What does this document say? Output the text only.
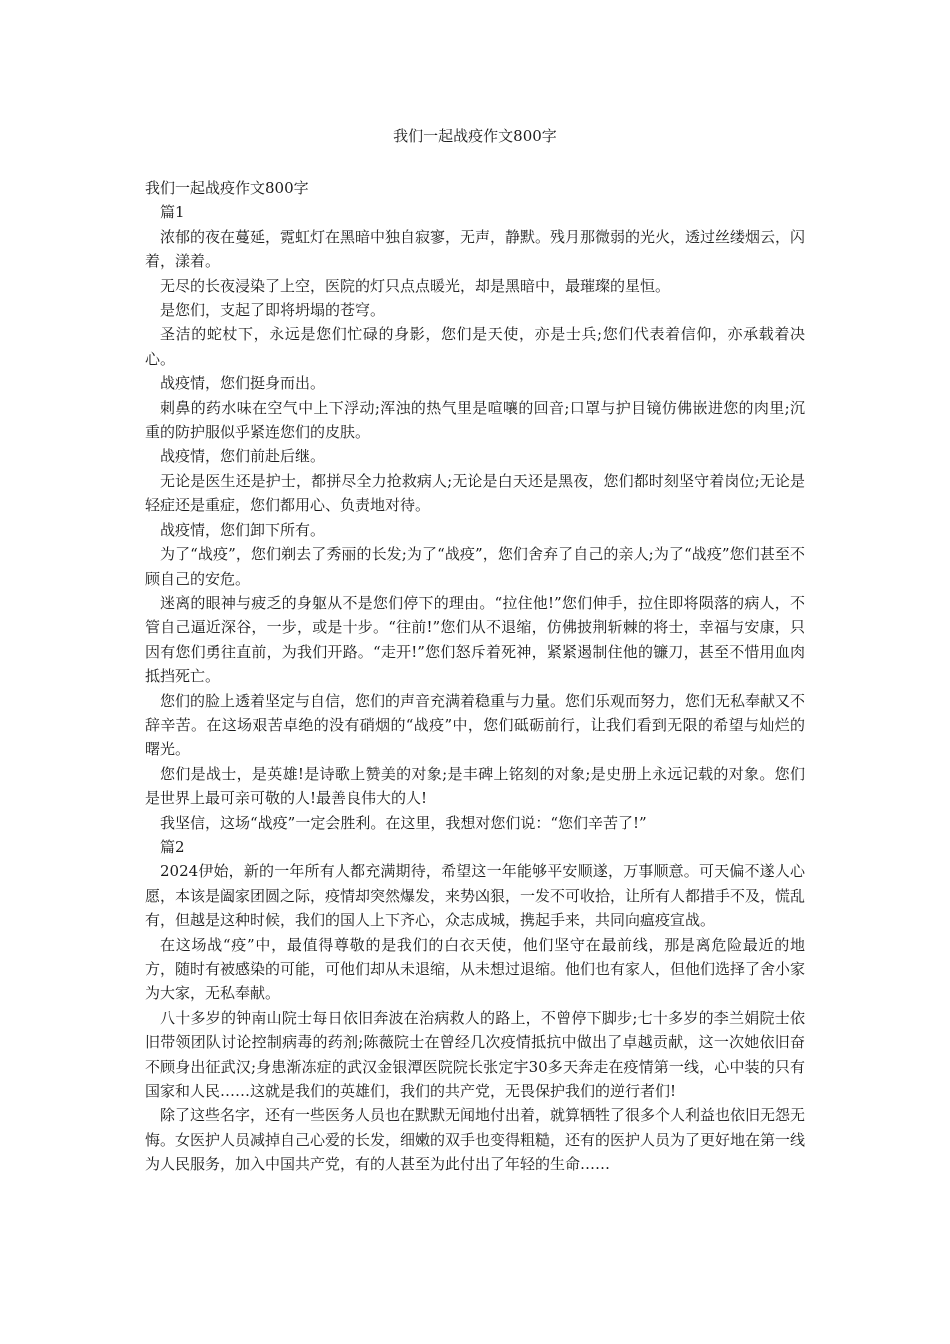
我们一起战疫作文800字

我们一起战疫作文800字

篇1

浓郁的夜在蔓延，霓虹灯在黑暗中独自寂寥，无声，静默。残月那微弱的光火，透过丝缕烟云，闪着，漾着。

无尽的长夜浸染了上空，医院的灯只点点暖光，却是黑暗中，最璀璨的星恒。

是您们，支起了即将坍塌的苍穹。

圣洁的蛇杖下，永远是您们忙碌的身影，您们是天使，亦是士兵;您们代表着信仰，亦承载着决心。

战疫情，您们挺身而出。

刺鼻的药水味在空气中上下浮动;浑浊的热气里是喧嚷的回音;口罩与护目镜仿佛嵌进您的肉里;沉重的防护服似乎紧连您们的皮肤。

战疫情，您们前赴后继。

无论是医生还是护士，都拼尽全力抢救病人;无论是白天还是黑夜，您们都时刻坚守着岗位;无论是轻症还是重症，您们都用心、负责地对待。

战疫情，您们卸下所有。

为了“战疫”，您们剃去了秀丽的长发;为了“战疫”，您们舍弃了自己的亲人;为了“战疫”您们甚至不顾自己的安危。

迷离的眼神与疲乏的身躯从不是您们停下的理由。“拉住他!”您们伸手，拉住即将陨落的病人，不管自己逼近深谷，一步，或是十步。“往前!”您们从不退缩，仿佛披荆斩棘的将士，幸福与安康，只因有您们勇往直前，为我们开路。“走开!”您们怒斥着死神，紧紧遏制住他的镰刀，甚至不惜用血肉抵挡死亡。

您们的脸上透着坚定与自信，您们的声音充满着稳重与力量。您们乐观而努力，您们无私奉献又不辞辛苦。在这场艰苦卓绝的没有硝烟的“战疫”中，您们砥砺前行，让我们看到无限的希望与灿烂的曙光。

您们是战士，是英雄!是诗歌上赞美的对象;是丰碑上铭刻的对象;是史册上永远记载的对象。您们是世界上最可亲可敬的人!最善良伟大的人!

我坚信，这场“战疫”一定会胜利。在这里，我想对您们说：“您们辛苦了!”

篇2

2024伊始，新的一年所有人都充满期待，希望这一年能够平安顺遂，万事顺意。可天偏不遂人心愿，本该是阖家团圆之际，疫情却突然爆发，来势凶狠，一发不可收拾，让所有人都措手不及，慌乱有，但越是这种时候，我们的国人上下齐心，众志成城，携起手来，共同向瘟疫宣战。

在这场战“疫”中，最值得尊敬的是我们的白衣天使，他们坚守在最前线，那是离危险最近的地方，随时有被感染的可能，可他们却从未退缩，从未想过退缩。他们也有家人，但他们选择了舍小家为大家，无私奉献。

八十多岁的钟南山院士每日依旧奔波在治病救人的路上，不曾停下脚步;七十多岁的李兰娟院士依旧带领团队讨论控制病毒的药剂;陈薇院士在曾经几次疫情抵抗中做出了卓越贡献，这一次她依旧奋不顾身出征武汉;身患渐冻症的武汉金银潭医院院长张定宇30多天奔走在疫情第一线，心中装的只有国家和人民……这就是我们的英雄们，我们的共产党，无畏保护我们的逆行者们!

除了这些名字，还有一些医务人员也在默默无闻地付出着，就算牺牲了很多个人利益也依旧无怨无悔。女医护人员减掉自己心爱的长发，细嫩的双手也变得粗糙，还有的医护人员为了更好地在第一线为人民服务，加入中国共产党，有的人甚至为此付出了年轻的生命……
